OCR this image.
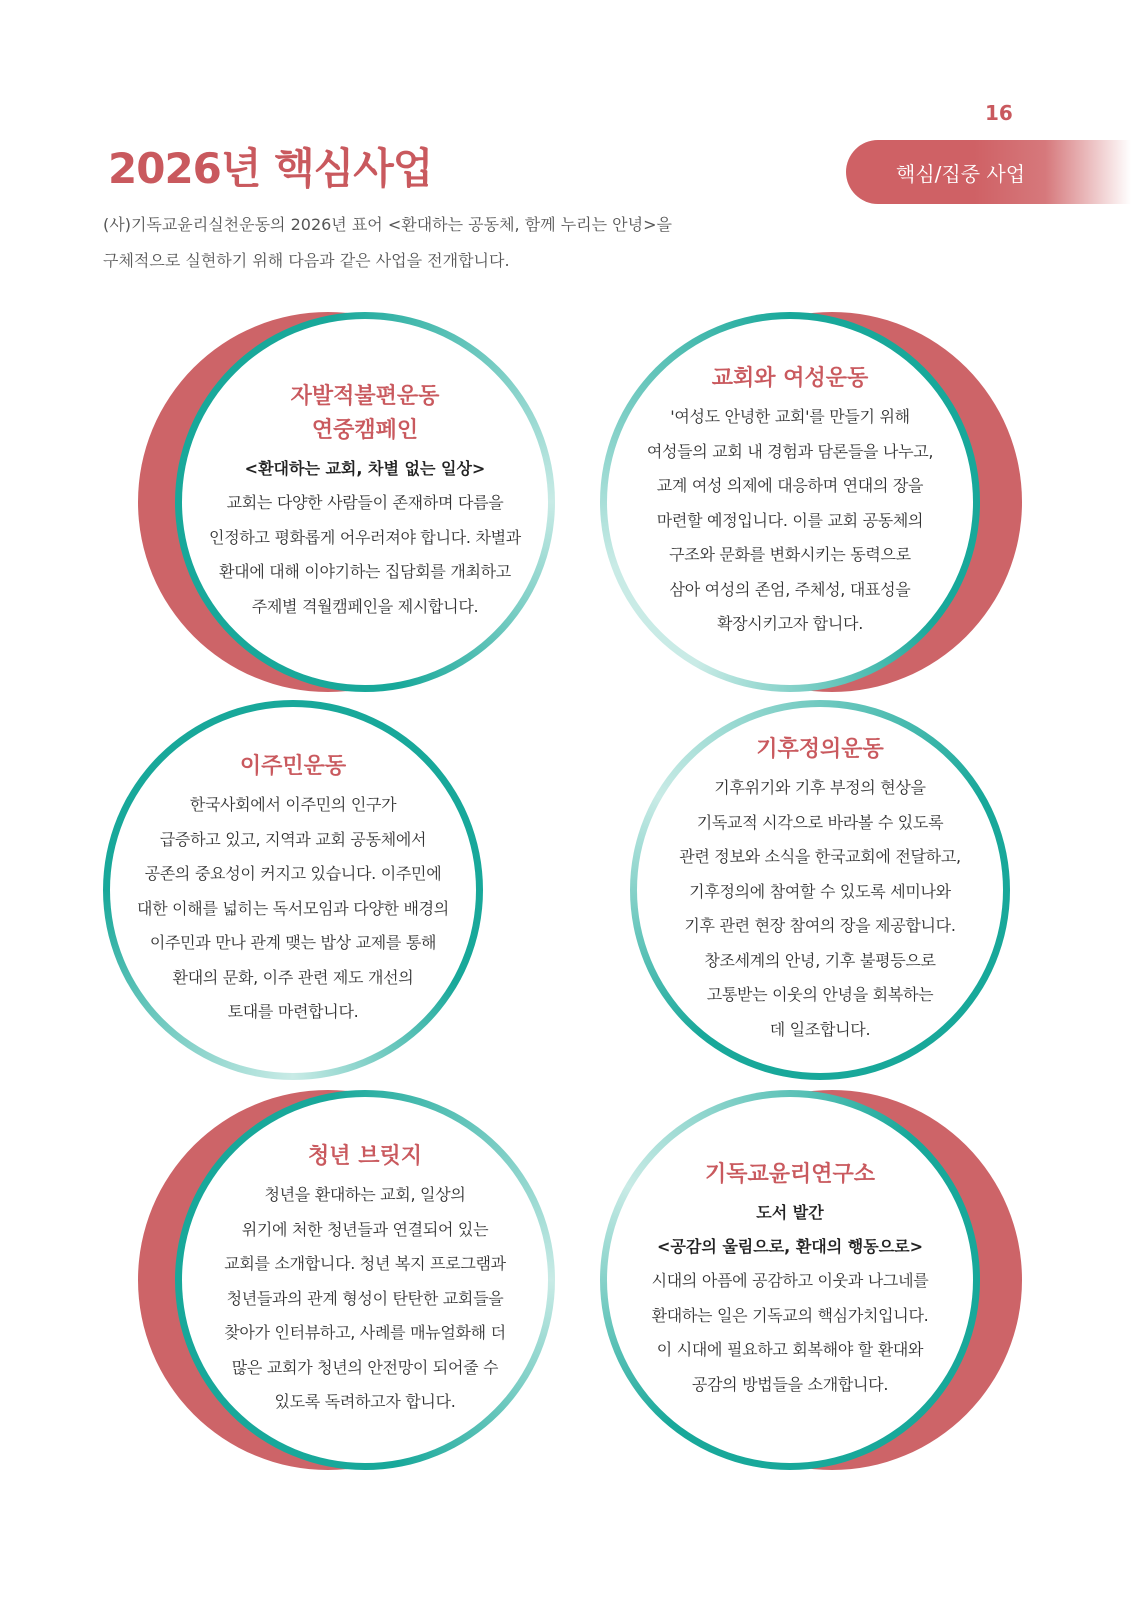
16
핵심/집중 사업
2026년 핵심사업

(사)기독교윤리실천운동의 2026년 표어 <환대하는 공동체, 함께 누리는 안녕>을

구체적으로 실현하기 위해 다음과 같은 사업을 전개합니다.

자발적불편운동
연중캠페인

<환대하는 교회, 차별 없는 일상>

교회는 다양한 사람들이 존재하며 다름을
인정하고 평화롭게 어우러져야 합니다. 차별과
환대에 대해 이야기하는 집담회를 개최하고
주제별 격월캠페인을 제시합니다.

교회와 여성운동

'여성도 안녕한 교회'를 만들기 위해
여성들의 교회 내 경험과 담론들을 나누고,
교계 여성 의제에 대응하며 연대의 장을
마련할 예정입니다. 이를 교회 공동체의
구조와 문화를 변화시키는 동력으로
삼아 여성의 존엄, 주체성, 대표성을
확장시키고자 합니다.

이주민운동

한국사회에서 이주민의 인구가
급증하고 있고, 지역과 교회 공동체에서
공존의 중요성이 커지고 있습니다. 이주민에
대한 이해를 넓히는 독서모임과 다양한 배경의
이주민과 만나 관계 맺는 밥상 교제를 통해
환대의 문화, 이주 관련 제도 개선의
토대를 마련합니다.

기후정의운동

기후위기와 기후 부정의 현상을
기독교적 시각으로 바라볼 수 있도록
관련 정보와 소식을 한국교회에 전달하고,
기후정의에 참여할 수 있도록 세미나와
기후 관련 현장 참여의 장을 제공합니다.
창조세계의 안녕, 기후 불평등으로
고통받는 이웃의 안녕을 회복하는
데 일조합니다.

청년 브릿지

청년을 환대하는 교회, 일상의
위기에 처한 청년들과 연결되어 있는
교회를 소개합니다. 청년 복지 프로그램과
청년들과의 관계 형성이 탄탄한 교회들을
찾아가 인터뷰하고, 사례를 매뉴얼화해 더
많은 교회가 청년의 안전망이 되어줄 수
있도록 독려하고자 합니다.

기독교윤리연구소

도서 발간
<공감의 울림으로, 환대의 행동으로>

시대의 아픔에 공감하고 이웃과 나그네를
환대하는 일은 기독교의 핵심가치입니다.
이 시대에 필요하고 회복해야 할 환대와
공감의 방법들을 소개합니다.
